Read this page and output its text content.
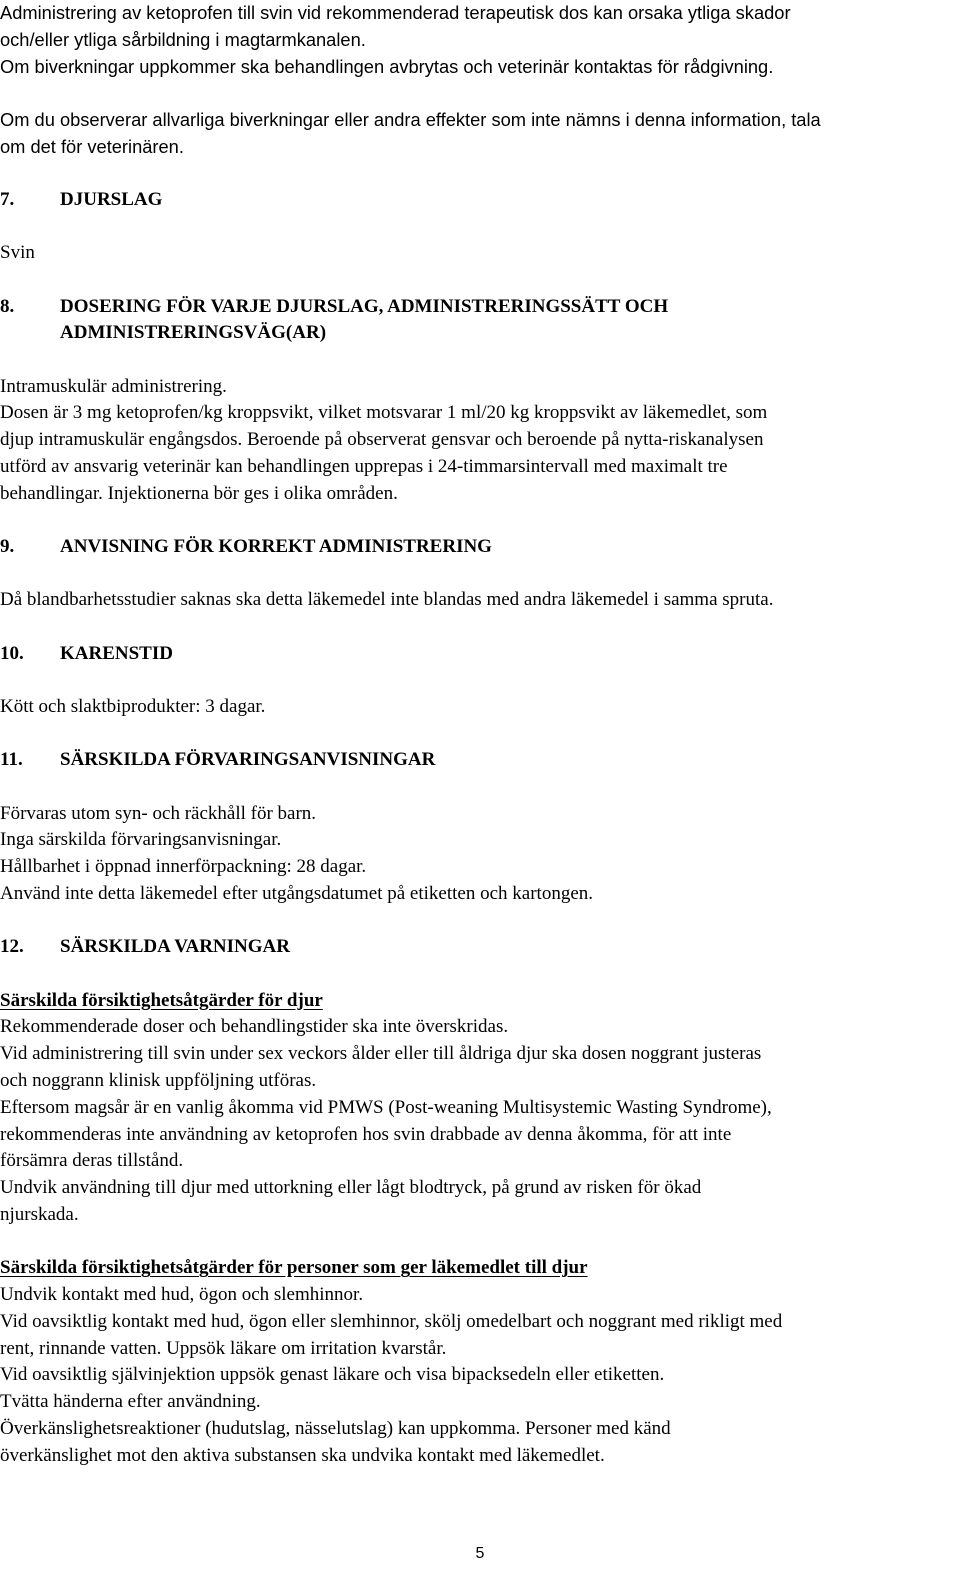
Administrering av ketoprofen till svin vid rekommenderad terapeutisk dos kan orsaka ytliga skador
och/eller ytliga sårbildning i magtarmkanalen.
Om biverkningar uppkommer ska behandlingen avbrytas och veterinär kontaktas för rådgivning.
Om du observerar allvarliga biverkningar eller andra effekter som inte nämns i denna information, tala
om det för veterinären.
7. DJURSLAG
Svin
8. DOSERING FÖR VARJE DJURSLAG, ADMINISTRERINGSSÄTT OCH
ADMINISTRERINGSVÄG(AR)
Intramuskulär administrering.
Dosen är 3 mg ketoprofen/kg kroppsvikt, vilket motsvarar 1 ml/20 kg kroppsvikt av läkemedlet, som
djup intramuskulär engångsdos. Beroende på observerat gensvar och beroende på nytta-riskanalysen
utförd av ansvarig veterinär kan behandlingen upprepas i 24-timmarsintervall med maximalt tre
behandlingar. Injektionerna bör ges i olika områden.
9. ANVISNING FÖR KORREKT ADMINISTRERING
Då blandbarhetsstudier saknas ska detta läkemedel inte blandas med andra läkemedel i samma spruta.
10. KARENSTID
Kött och slaktbiprodukter: 3 dagar.
11. SÄRSKILDA FÖRVARINGSANVISNINGAR
Förvaras utom syn- och räckhåll för barn.
Inga särskilda förvaringsanvisningar.
Hållbarhet i öppnad innerförpackning: 28 dagar.
Använd inte detta läkemedel efter utgångsdatumet på etiketten och kartongen.
12. SÄRSKILDA VARNINGAR
Särskilda försiktighetsåtgärder för djur
Rekommenderade doser och behandlingstider ska inte överskridas.
Vid administrering till svin under sex veckors ålder eller till åldriga djur ska dosen noggrant justeras
och noggrann klinisk uppföljning utföras.
Eftersom magsår är en vanlig åkomma vid PMWS (Post-weaning Multisystemic Wasting Syndrome),
rekommenderas inte användning av ketoprofen hos svin drabbade av denna åkomma, för att inte
försämra deras tillstånd.
Undvik användning till djur med uttorkning eller lågt blodtryck, på grund av risken för ökad
njurskada.
Särskilda försiktighetsåtgärder för personer som ger läkemedlet till djur
Undvik kontakt med hud, ögon och slemhinnor.
Vid oavsiktlig kontakt med hud, ögon eller slemhinnor, skölj omedelbart och noggrant med rikligt med
rent, rinnande vatten. Uppsök läkare om irritation kvarstår.
Vid oavsiktlig självinjektion uppsök genast läkare och visa bipacksedeln eller etiketten.
Tvätta händerna efter användning.
Överkänslighetsreaktioner (hudutslag, nässelutslag) kan uppkomma. Personer med känd
överkänslighet mot den aktiva substansen ska undvika kontakt med läkemedlet.
5
